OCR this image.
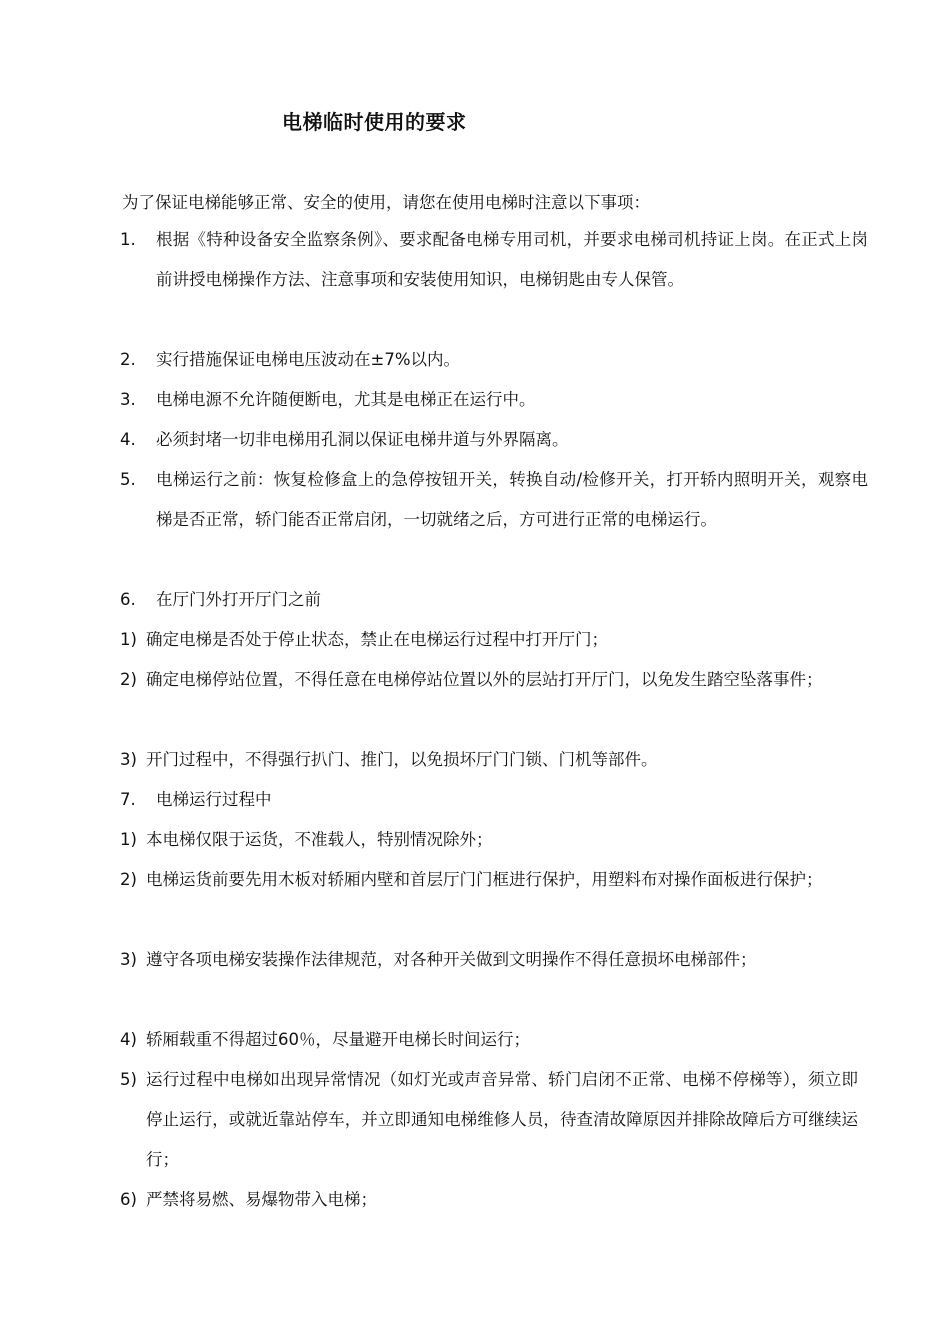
电梯临时使用的要求
为了保证电梯能够正常、安全的使用，请您在使用电梯时注意以下事项：
1. 根据《特种设备安全监察条例》、要求配备电梯专用司机，并要求电梯司机持证上岗。在正式上岗前讲授电梯操作方法、注意事项和安装使用知识，电梯钥匙由专人保管。
2. 实行措施保证电梯电压波动在±7%以内。
3. 电梯电源不允许随便断电，尤其是电梯正在运行中。
4. 必须封堵一切非电梯用孔洞以保证电梯井道与外界隔离。
5. 电梯运行之前：恢复检修盒上的急停按钮开关，转换自动/检修开关，打开轿内照明开关，观察电梯是否正常，轿门能否正常启闭，一切就绪之后，方可进行正常的电梯运行。
6. 在厅门外打开厅门之前
1) 确定电梯是否处于停止状态，禁止在电梯运行过程中打开厅门；
2) 确定电梯停站位置，不得任意在电梯停站位置以外的层站打开厅门，以免发生踏空坠落事件；
3) 开门过程中，不得强行扒门、推门，以免损坏厅门门锁、门机等部件。
7. 电梯运行过程中
1) 本电梯仅限于运货，不准载人，特别情况除外；
2) 电梯运货前要先用木板对轿厢内壁和首层厅门门框进行保护，用塑料布对操作面板进行保护；
3) 遵守各项电梯安装操作法律规范，对各种开关做到文明操作不得任意损坏电梯部件；
4) 轿厢载重不得超过60％，尽量避开电梯长时间运行；
5) 运行过程中电梯如出现异常情况（如灯光或声音异常、轿门启闭不正常、电梯不停梯等），须立即停止运行，或就近靠站停车，并立即通知电梯维修人员，待查清故障原因并排除故障后方可继续运行；
6) 严禁将易燃、易爆物带入电梯；
